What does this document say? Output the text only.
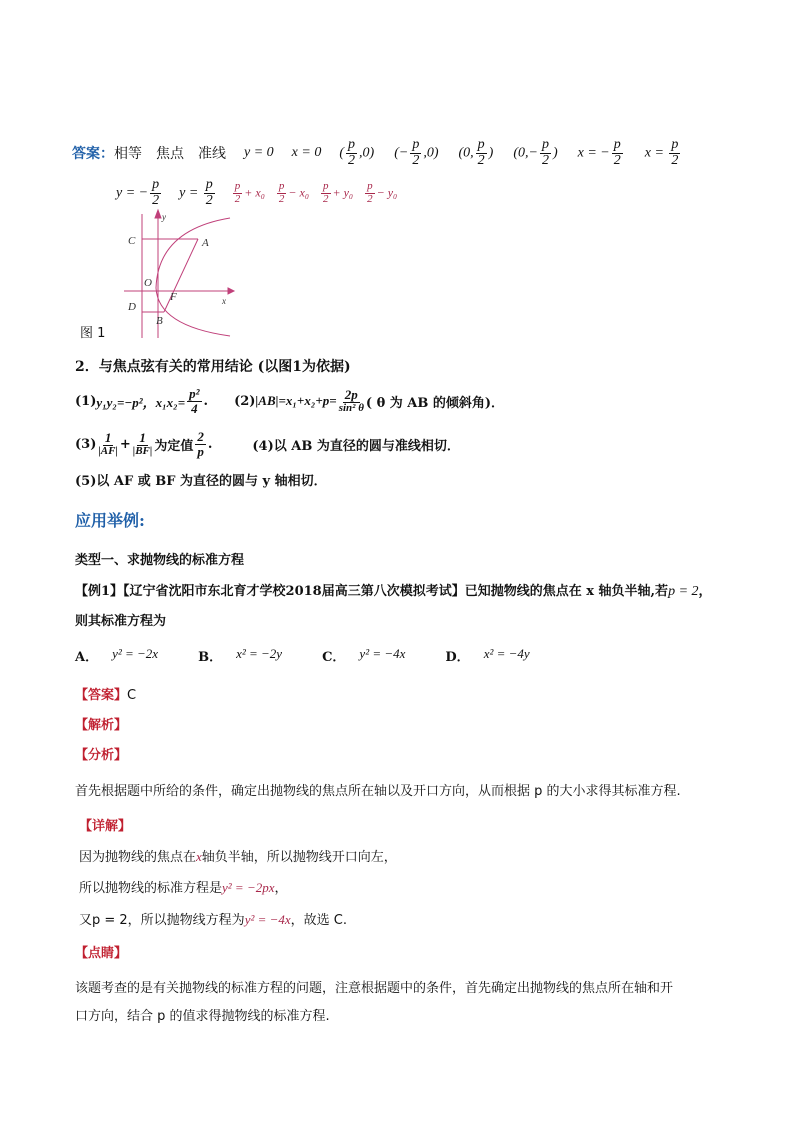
答案： 相等 焦点 准线 y = 0 x = 0 ( $\frac{p}{2} ,0$) (− $\frac{p}{2} ,0$) (0, $\frac{p}{2}$ ) ($0,- \frac{p}{2}$ ) x = − $\frac{p}{2}$ $x = \frac{p}{2}$
y = − $\frac{p}{2}$ $y = \frac{p}{2} \frac{p}{2} + x_0 \frac{p}{2} - x_0 \frac{p}{2} + y_0 \frac{p}{2} - y_0$
y
x
C	A
O
F
D
B
图 1
2．与焦点弦有关的常用结论 (以图1为依据)
(1) y₁y₂=−p²，$x_1x_2= \frac{\text{p²}}{4}$ . (2) $|AB|=x_1+x_2+p= \frac{2p}{\text{sin² θ}}$ ( θ 为 AB 的倾斜角)．
$(3) \frac{1}{|AF|} + \frac{1}{|BF|}$ 为定值 $\frac{2}{p}$ .	(4)以 AB 为直径的圆与准线相切．
(5)以 AF 或 BF 为直径的圆与 y 轴相切．
应用举例:
类型一、求抛物线的标准方程
【例1】【辽宁省沈阳市东北育才学校2018届高三第八次模拟考试】已知抛物线的焦点在 x 轴负半轴,若p = 2，
则其标准方程为
A． y² = −2x	B． x² = −2y	C． y² = −4x	D． x² = −4y
【答案】C
【解析】
【分析】
首先根据题中所给的条件，确定出抛物线的焦点所在轴以及开口方向，从而根据 p 的大小求得其标准方程.
【详解】
因为抛物线的焦点在x轴负半轴，所以抛物线开口向左，
所以抛物线的标准方程是y² = −2px，
又p = 2，所以抛物线方程为y² = −4x，故选 C.
【点睛】
该题考查的是有关抛物线的标准方程的问题，注意根据题中的条件，首先确定出抛物线的焦点所在轴和开
口方向，结合 p 的值求得抛物线的标准方程.
